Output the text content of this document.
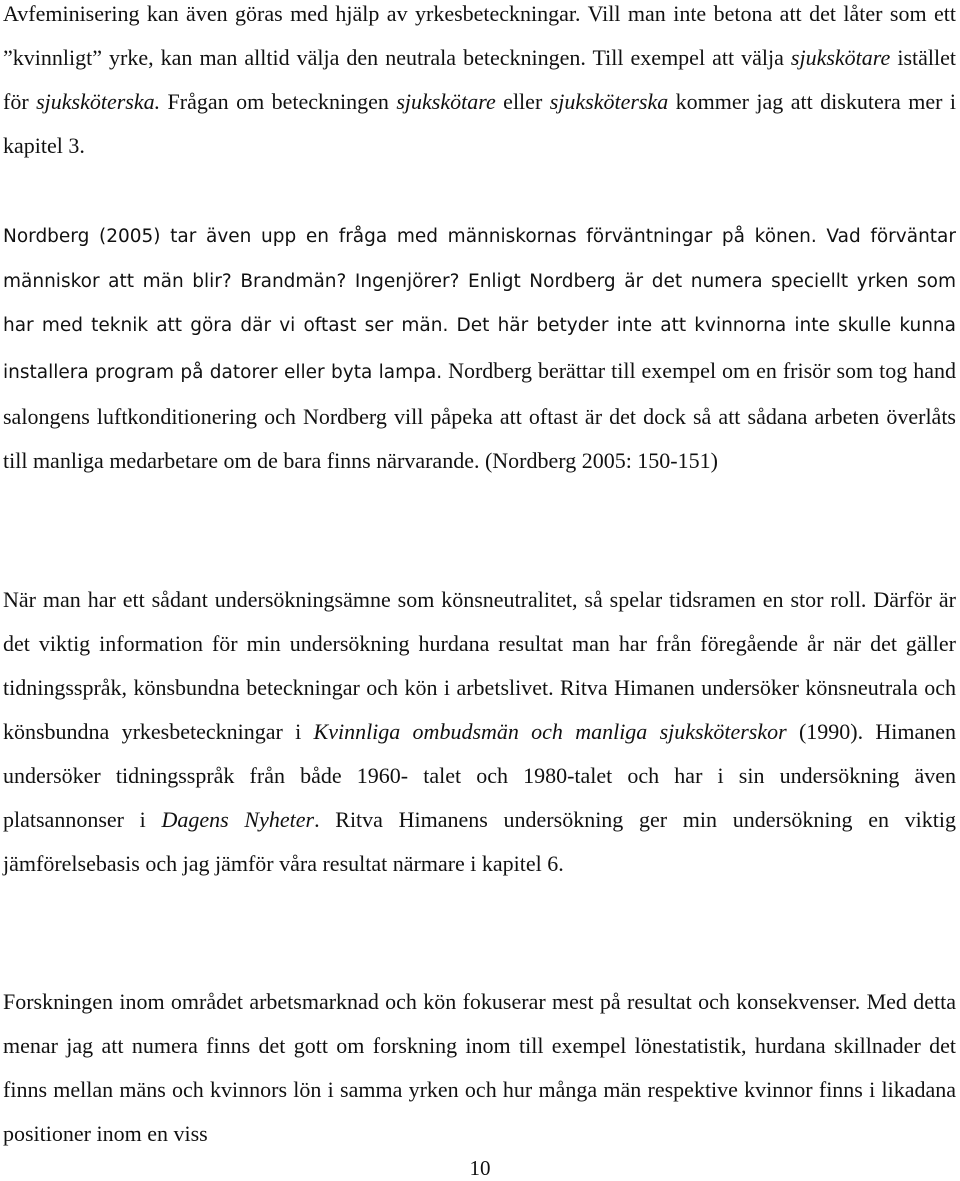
Avfeminisering kan även göras med hjälp av yrkesbeteckningar. Vill man inte betona att det låter som ett ”kvinnligt” yrke, kan man alltid välja den neutrala beteckningen. Till exempel att välja sjukskötare istället för sjuksköterska. Frågan om beteckningen sjukskötare eller sjuksköterska kommer jag att diskutera mer i kapitel 3.

Nordberg (2005) tar även upp en fråga med människornas förväntningar på könen. Vad förväntar människor att män blir? Brandmän? Ingenjörer? Enligt Nordberg är det numera speciellt yrken som har med teknik att göra där vi oftast ser män. Det här betyder inte att kvinnorna inte skulle kunna installera program på datorer eller byta lampa. Nordberg berättar till exempel om en frisör som tog hand salongens luftkonditionering och Nordberg vill påpeka att oftast är det dock så att sådana arbeten överlåts till manliga medarbetare om de bara finns närvarande. (Nordberg 2005: 150-151)

När man har ett sådant undersökningsämne som könsneutralitet, så spelar tidsramen en stor roll. Därför är det viktig information för min undersökning hurdana resultat man har från föregående år när det gäller tidningsspråk, könsbundna beteckningar och kön i arbetslivet. Ritva Himanen undersöker könsneutrala och könsbundna yrkesbeteckningar i Kvinnliga ombudsmän och manliga sjuksköterskor (1990). Himanen undersöker tidningsspråk från både 1960- talet och 1980-talet och har i sin undersökning även platsannonser i Dagens Nyheter. Ritva Himanens undersökning ger min undersökning en viktig jämförelsebasis och jag jämför våra resultat närmare i kapitel 6.

Forskningen inom området arbetsmarknad och kön fokuserar mest på resultat och konsekvenser. Med detta menar jag att numera finns det gott om forskning inom till exempel lönestatistik, hurdana skillnader det finns mellan mäns och kvinnors lön i samma yrken och hur många män respektive kvinnor finns i likadana positioner inom en viss

10
